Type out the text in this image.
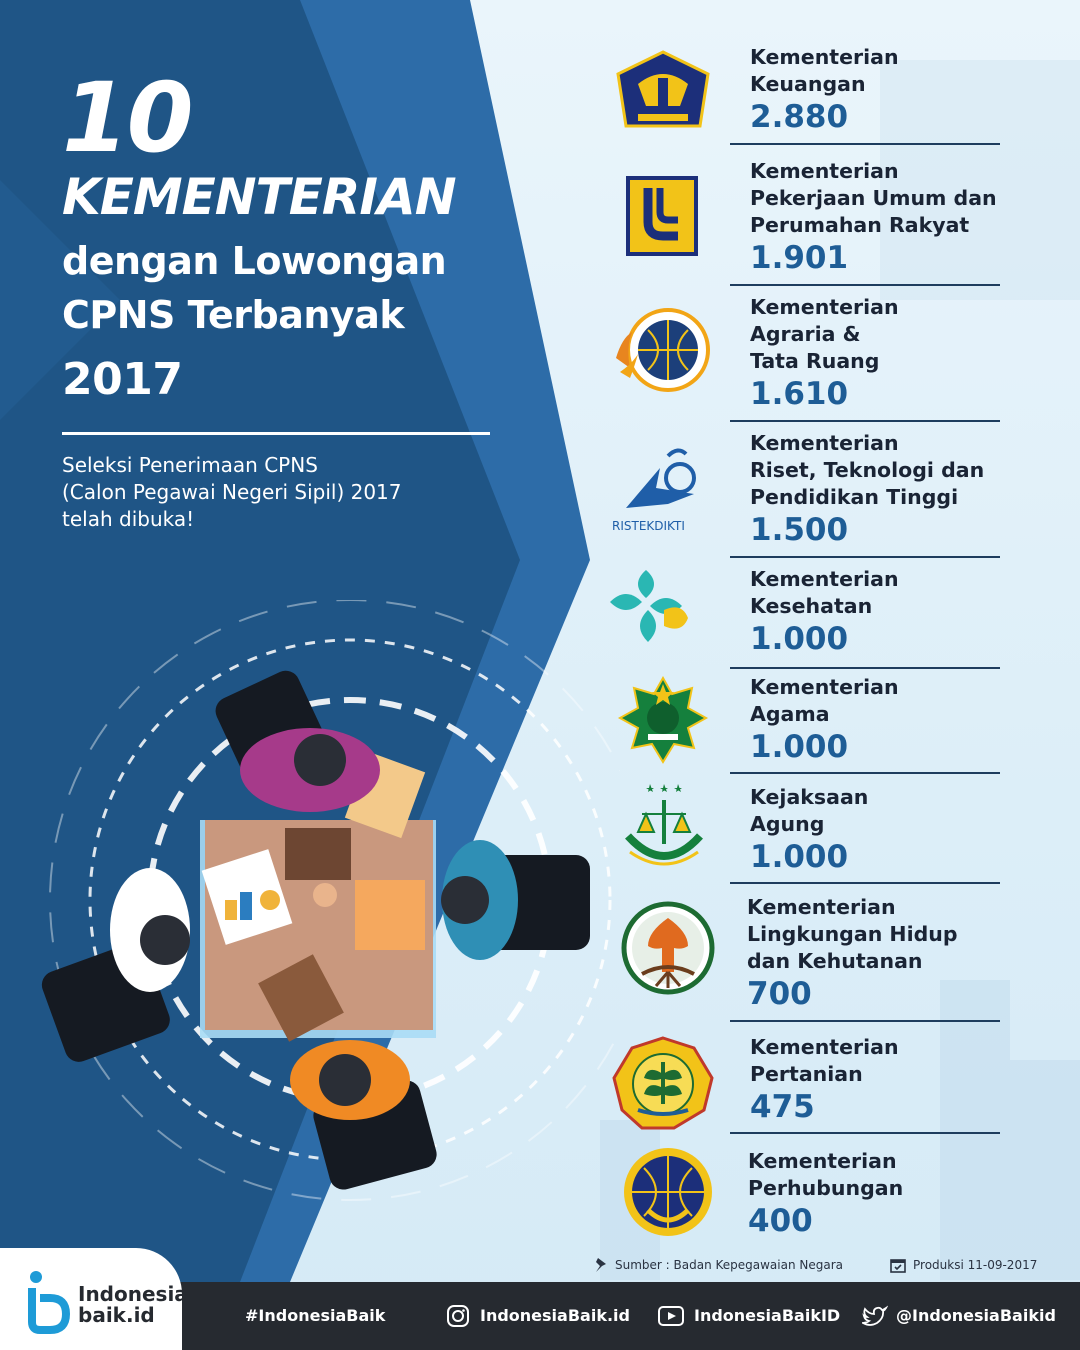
10
KEMENTERIAN
dengan Lowongan
CPNS Terbanyak
2017
Seleksi Penerimaan CPNS
(Calon Pegawai Negeri Sipil) 2017
telah dibuka!
Kementerian
Keuangan
2.880
Kementerian
Pekerjaan Umum dan
Perumahan Rakyat
1.901
Kementerian
Agraria &
Tata Ruang
1.610
RISTEKDIKTI
Kementerian
Riset, Teknologi dan
Pendidikan Tinggi
1.500
Kementerian
Kesehatan
1.000
Kementerian
Agama
1.000
Kejaksaan
Agung
1.000
Kementerian
Lingkungan Hidup
dan Kehutanan
700
Kementerian
Pertanian
475
Kementerian
Perhubungan
400
Sumber : Badan Kepegawaian Negara	Produksi 11-09-2017
Indonesia
baik.id	#IndonesiaBaik	IndonesiaBaik.id	IndonesiaBaikID	@IndonesiaBaikid
